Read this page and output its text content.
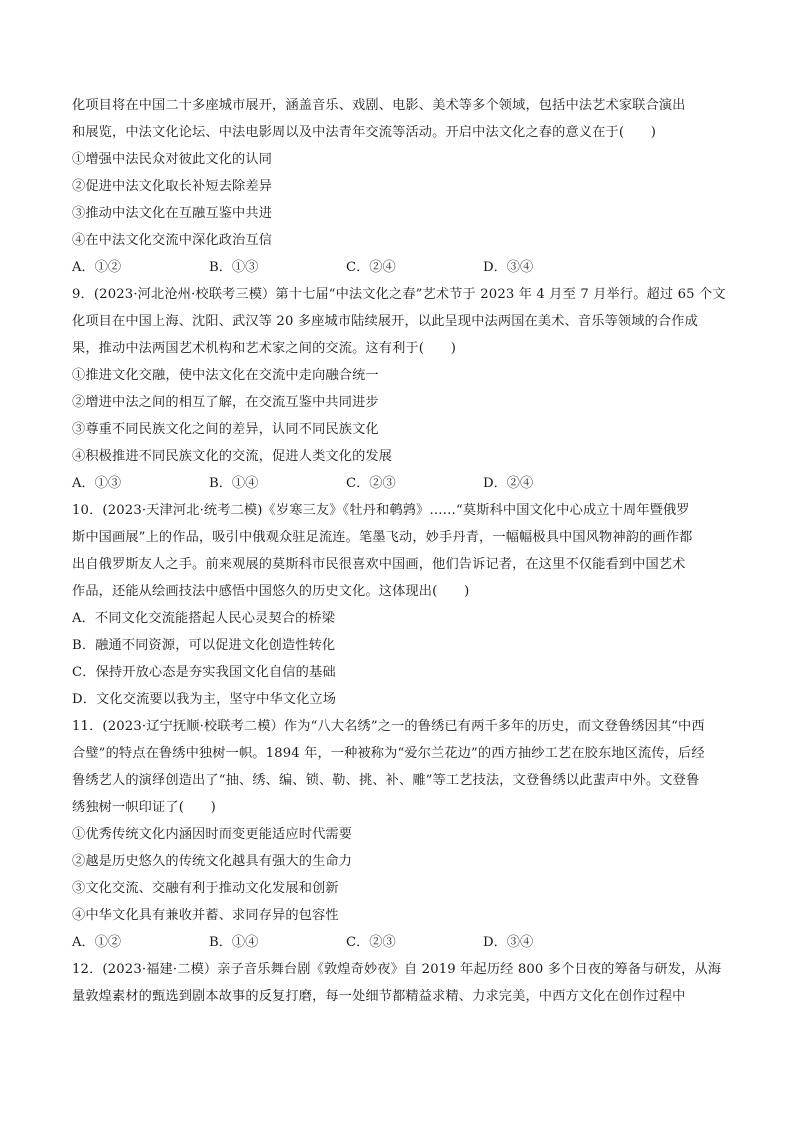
化项目将在中国二十多座城市展开，涵盖音乐、戏剧、电影、美术等多个领域，包括中法艺术家联合演出
和展览，中法文化论坛、中法电影周以及中法青年交流等活动。开启中法文化之春的意义在于(　　)
①增强中法民众对彼此文化的认同
②促进中法文化取长补短去除差异
③推动中法文化在互融互鉴中共进
④在中法文化交流中深化政治互信
A．①②	B．①③	C．②④	D．③④
9．(2023·河北沧州·校联考三模）第十七届“中法文化之春”艺术节于 2023 年 4 月至 7 月举行。超过 65 个文
化项目在中国上海、沈阳、武汉等 20 多座城市陆续展开，以此呈现中法两国在美术、音乐等领域的合作成
果，推动中法两国艺术机构和艺术家之间的交流。这有利于(　　)
①推进文化交融，使中法文化在交流中走向融合统一
②增进中法之间的相互了解，在交流互鉴中共同进步
③尊重不同民族文化之间的差异，认同不同民族文化
④积极推进不同民族文化的交流，促进人类文化的发展
A．①③	B．①④	C．②③	D．②④
10．(2023·天津河北·统考二模)《岁寒三友》《牡丹和鹌鹑》……“莫斯科中国文化中心成立十周年暨俄罗
斯中国画展”上的作品，吸引中俄观众驻足流连。笔墨飞动，妙手丹青，一幅幅极具中国风物神韵的画作都
出自俄罗斯友人之手。前来观展的莫斯科市民很喜欢中国画，他们告诉记者，在这里不仅能看到中国艺术
作品，还能从绘画技法中感悟中国悠久的历史文化。这体现出(　　)
A．不同文化交流能搭起人民心灵契合的桥梁
B．融通不同资源，可以促进文化创造性转化
C．保持开放心态是夯实我国文化自信的基础
D．文化交流要以我为主，坚守中华文化立场
11．(2023·辽宁抚顺·校联考二模）作为“八大名绣”之一的鲁绣已有两千多年的历史，而文登鲁绣因其“中西
合璧”的特点在鲁绣中独树一帜。1894 年，一种被称为“爱尔兰花边”的西方抽纱工艺在胶东地区流传，后经
鲁绣艺人的演绎创造出了“抽、绣、编、锁、勒、挑、补、雕”等工艺技法，文登鲁绣以此蜚声中外。文登鲁
绣独树一帜印证了(　　)
①优秀传统文化内涵因时而变更能适应时代需要
②越是历史悠久的传统文化越具有强大的生命力
③文化交流、交融有利于推动文化发展和创新
④中华文化具有兼收并蓄、求同存异的包容性
A．①②	B．①④	C．②③	D．③④
12．(2023·福建·二模）亲子音乐舞台剧《敦煌奇妙夜》自 2019 年起历经 800 多个日夜的筹备与研发，从海
量敦煌素材的甄选到剧本故事的反复打磨，每一处细节都精益求精、力求完美，中西方文化在创作过程中
